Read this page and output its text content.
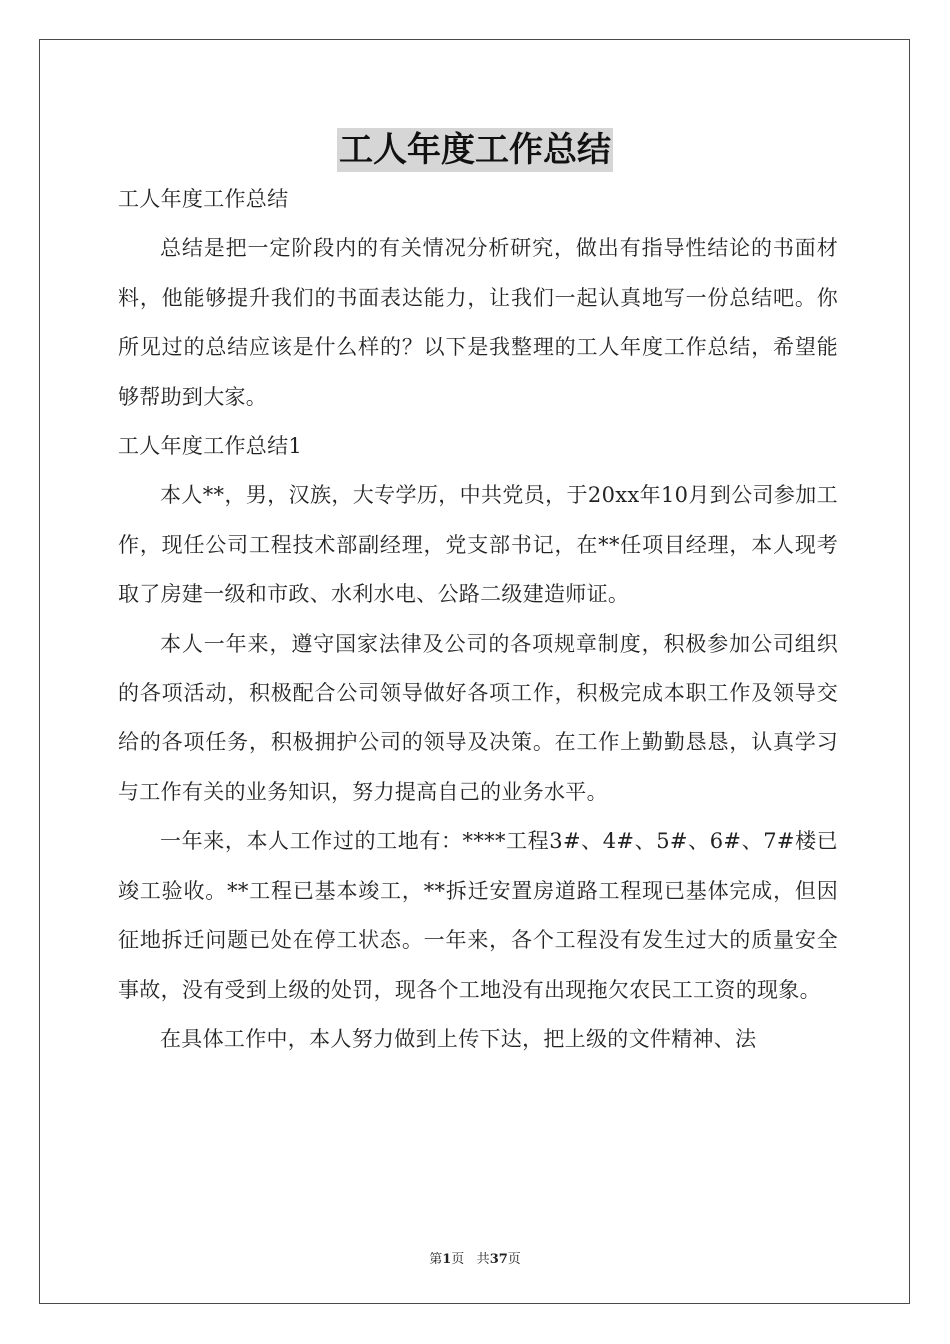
工人年度工作总结

工人年度工作总结

总结是把一定阶段内的有关情况分析研究，做出有指导性结论的书面材料，他能够提升我们的书面表达能力，让我们一起认真地写一份总结吧。你所见过的总结应该是什么样的？以下是我整理的工人年度工作总结，希望能够帮助到大家。

工人年度工作总结1

本人**，男，汉族，大专学历，中共党员，于20xx年10月到公司参加工作，现任公司工程技术部副经理，党支部书记，在**任项目经理，本人现考取了房建一级和市政、水利水电、公路二级建造师证。

本人一年来，遵守国家法律及公司的各项规章制度，积极参加公司组织的各项活动，积极配合公司领导做好各项工作，积极完成本职工作及领导交给的各项任务，积极拥护公司的领导及决策。在工作上勤勤恳恳，认真学习与工作有关的业务知识，努力提高自己的业务水平。

一年来，本人工作过的工地有：****工程3#、4#、5#、6#、7#楼已竣工验收。**工程已基本竣工，**拆迁安置房道路工程现已基体完成，但因征地拆迁问题已处在停工状态。一年来，各个工程没有发生过大的质量安全事故，没有受到上级的处罚，现各个工地没有出现拖欠农民工工资的现象。

在具体工作中，本人努力做到上传下达，把上级的文件精神、法

第1页 共37页
